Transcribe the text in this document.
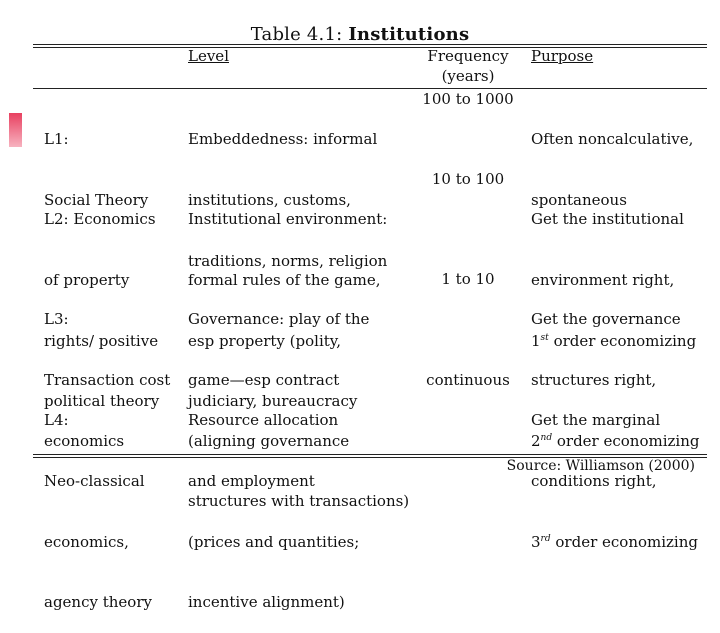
Table 4.1: Institutions
Level	Frequency
(years)
Purpose

L1:

Social Theory

Embeddedness: informal

institutions, customs,

traditions, norms, religion

100 to 1000

Often noncalculative,

spontaneous

L2: Economics

of property

rights/ positive

political theory

Institutional environment:

formal rules of the game,

esp property (polity,

judiciary, bureaucracy

10 to 100

Get the institutional

environment right,

1st order economizing

L3:

Transaction cost

economics

Governance: play of the

game—esp contract

(aligning governance

structures with transactions)

1 to 10

Get the governance

structures right,

2nd order economizing

L4:

Neo-classical

economics,

agency theory

Resource allocation

and employment

(prices and quantities;

incentive alignment)

continuous

Get the marginal

conditions right,

3rd order economizing

Source: Williamson (2000)
